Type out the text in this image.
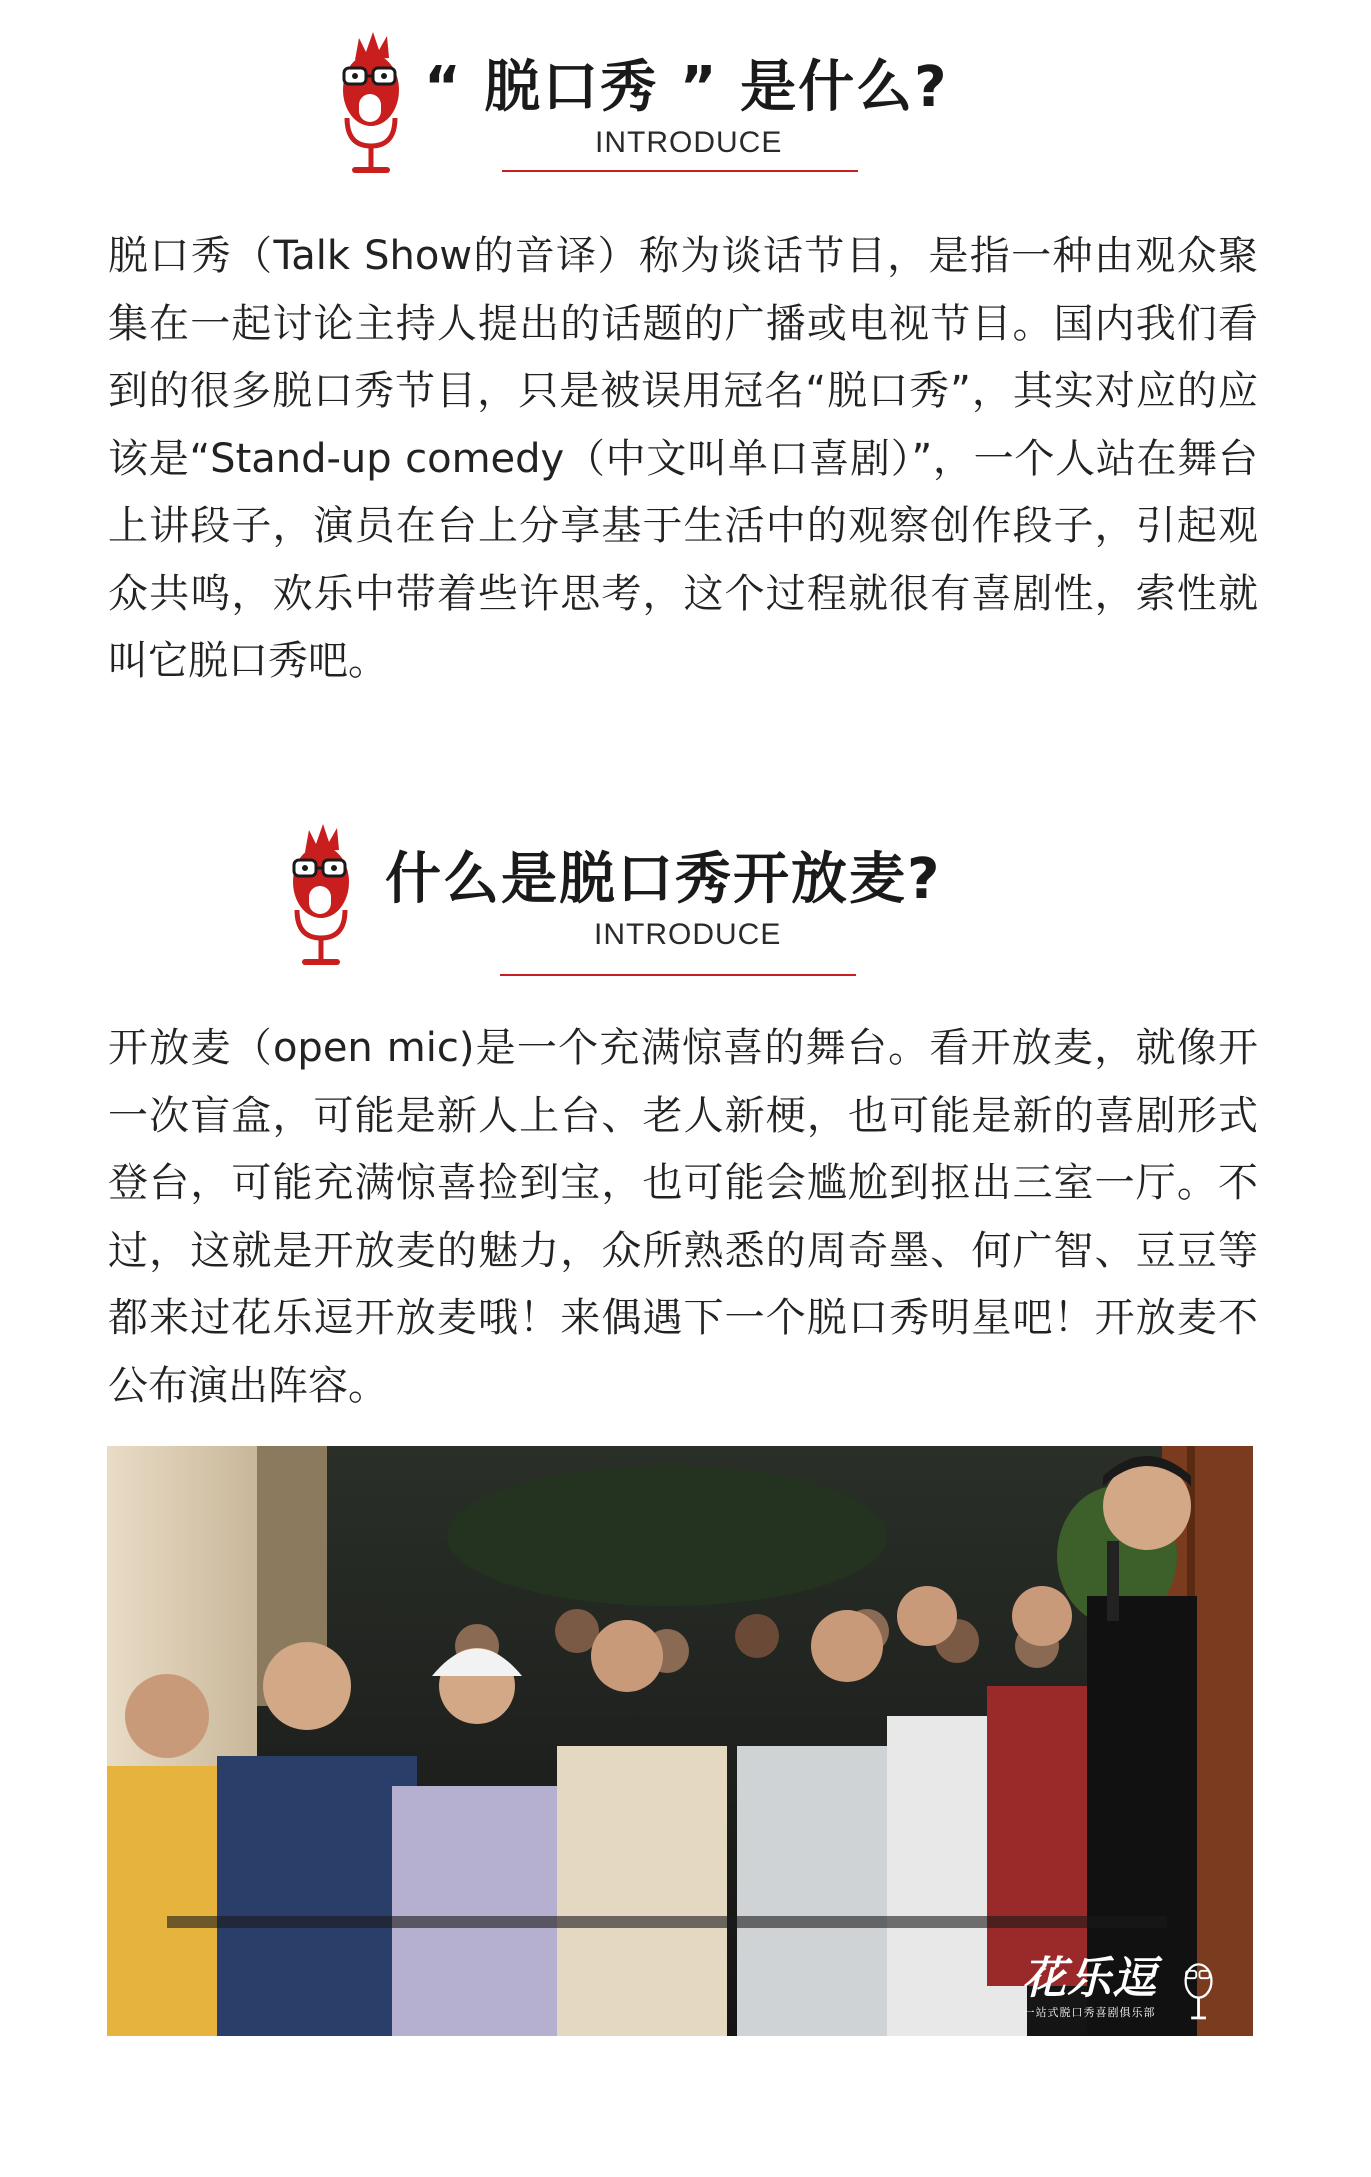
“ 脱口秀 ” 是什么?
INTRODUCE

脱口秀（Talk Show的音译）称为谈话节目，是指一种由观众聚集在一起讨论主持人提出的话题的广播或电视节目。国内我们看到的很多脱口秀节目，只是被误用冠名“脱口秀”，其实对应的应该是“Stand-up comedy（中文叫单口喜剧）”，一个人站在舞台上讲段子，演员在台上分享基于生活中的观察创作段子，引起观众共鸣，欢乐中带着些许思考，这个过程就很有喜剧性，索性就叫它脱口秀吧。

什么是脱口秀开放麦?
INTRODUCE

开放麦（open mic)是一个充满惊喜的舞台。看开放麦，就像开一次盲盒，可能是新人上台、老人新梗，也可能是新的喜剧形式登台，可能充满惊喜捡到宝，也可能会尴尬到抠出三室一厅。不过，这就是开放麦的魅力，众所熟悉的周奇墨、何广智、豆豆等都来过花乐逗开放麦哦！来偶遇下一个脱口秀明星吧！开放麦不公布演出阵容。

花乐逗
一站式脱口秀喜剧俱乐部
